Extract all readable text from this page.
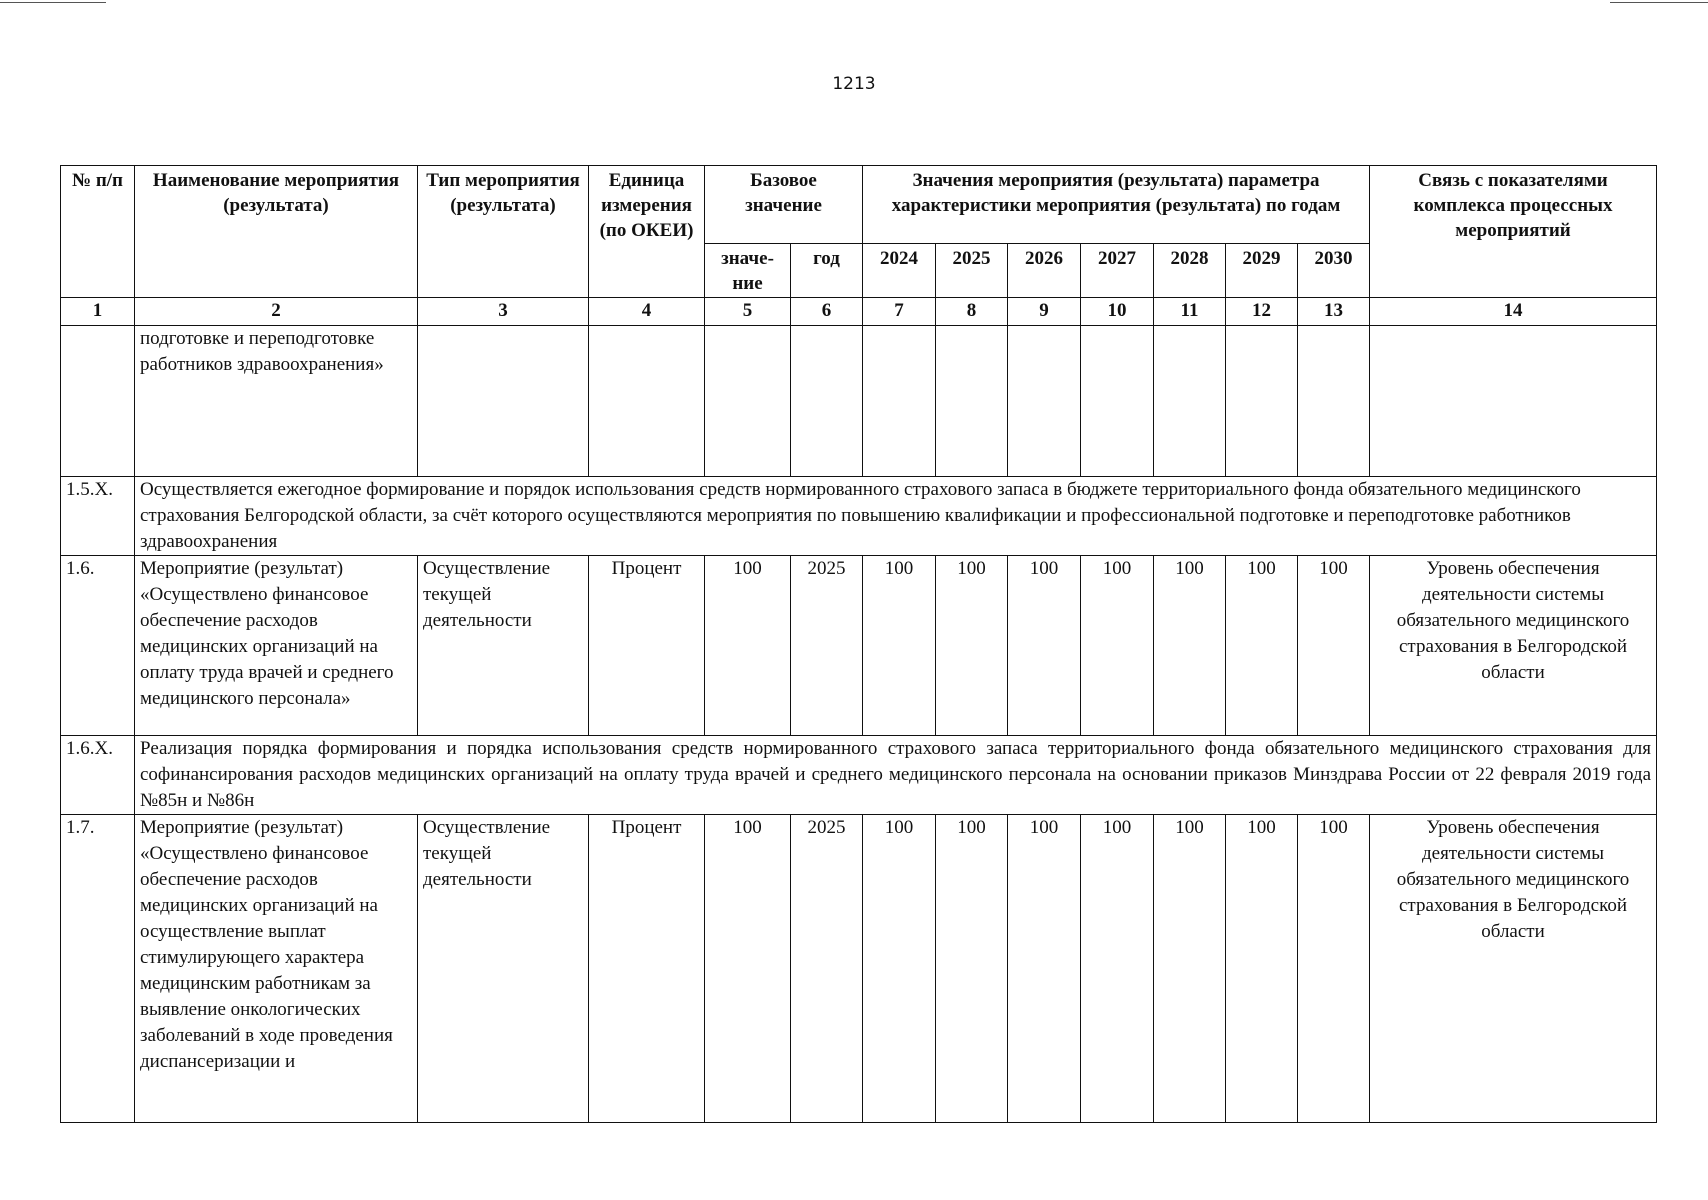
1213
№ п/п	Наименование мероприятия (результата)	Тип мероприятия (результата)	Единица измерения (по ОКЕИ)	Базовое значение		Значения мероприятия (результата) параметра характеристики мероприятия (результата) по годам							Связь с показателями комплекса процессных мероприятий
				значе-ние	год	2024	2025	2026	2027	2028	2029	2030	
1	2	3	4	5	6	7	8	9	10	11	12	13	14
	подготовке и переподготовке работников здравоохранения»												
1.5.X.	Осуществляется ежегодное формирование и порядок использования средств нормированного страхового запаса в бюджете территориального фонда обязательного медицинского страхования Белгородской области, за счёт которого осуществляются мероприятия по повышению квалификации и профессиональной подготовке и переподготовке работников здравоохранения												
1.6.	Мероприятие (результат) «Осуществлено финансовое обеспечение расходов медицинских организаций на оплату труда врачей и среднего медицинского персонала»	Осуществление текущей деятельности	Процент	100	2025	100	100	100	100	100	100	100	Уровень обеспечения деятельности системы обязательного медицинского страхования в Белгородской области
1.6.X.	Реализация порядка формирования и порядка использования средств нормированного страхового запаса территориального фонда обязательного медицинского страхования для софинансирования расходов медицинских организаций на оплату труда врачей и среднего медицинского персонала на основании приказов Минздрава России от 22 февраля 2019 года №85н и №86н												
1.7.	Мероприятие (результат) «Осуществлено финансовое обеспечение расходов медицинских организаций на осуществление выплат стимулирующего характера медицинским работникам за выявление онкологических заболеваний в ходе проведения диспансеризации и	Осуществление текущей деятельности	Процент	100	2025	100	100	100	100	100	100	100	Уровень обеспечения деятельности системы обязательного медицинского страхования в Белгородской области
